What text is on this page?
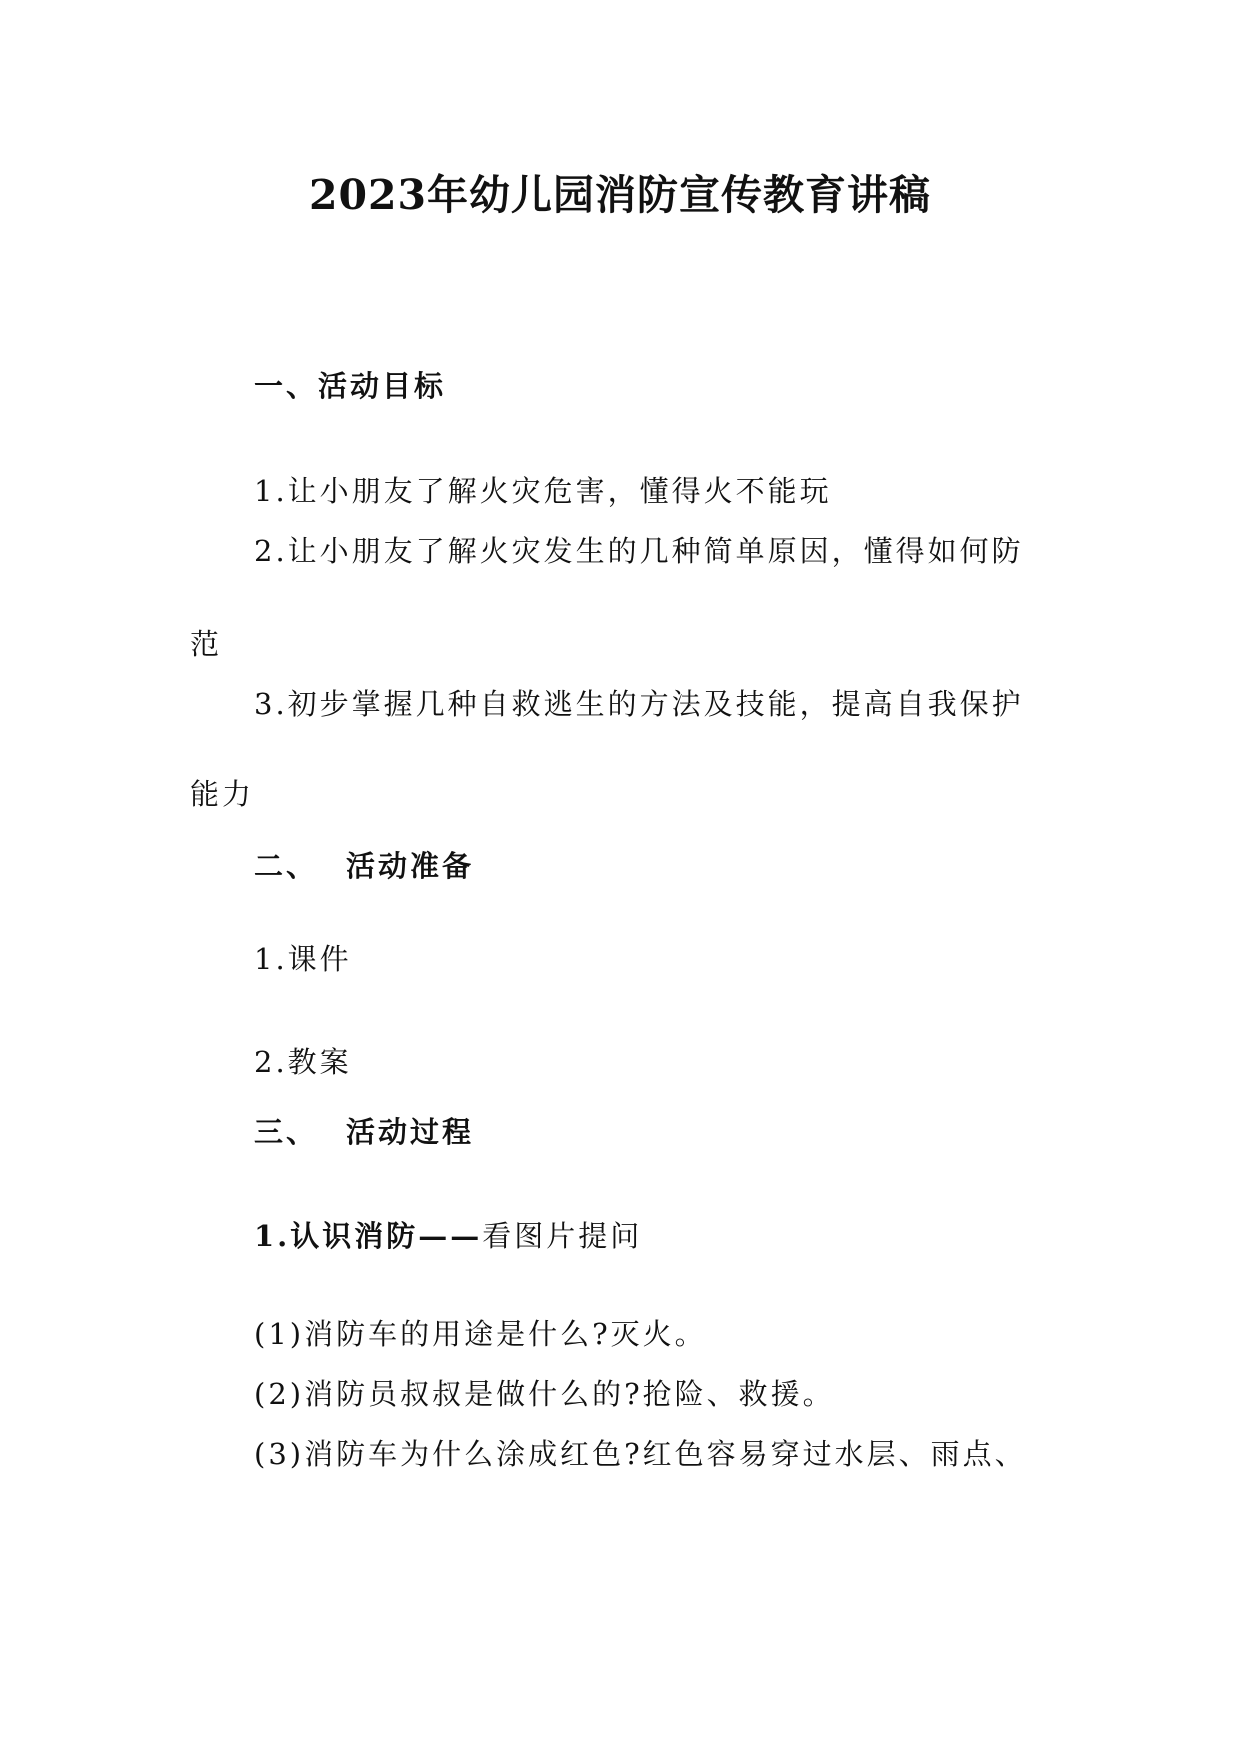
2023年幼儿园消防宣传教育讲稿
一、活动目标
1.让小朋友了解火灾危害，懂得火不能玩
2.让小朋友了解火灾发生的几种简单原因，懂得如何防
范
3.初步掌握几种自救逃生的方法及技能，提高自我保护
能力
二、 活动准备
1.课件
2.教案
三、 活动过程
1.认识消防——看图片提问
(1)消防车的用途是什么?灭火。
(2)消防员叔叔是做什么的?抢险、救援。
(3)消防车为什么涂成红色?红色容易穿过水层、雨点、
